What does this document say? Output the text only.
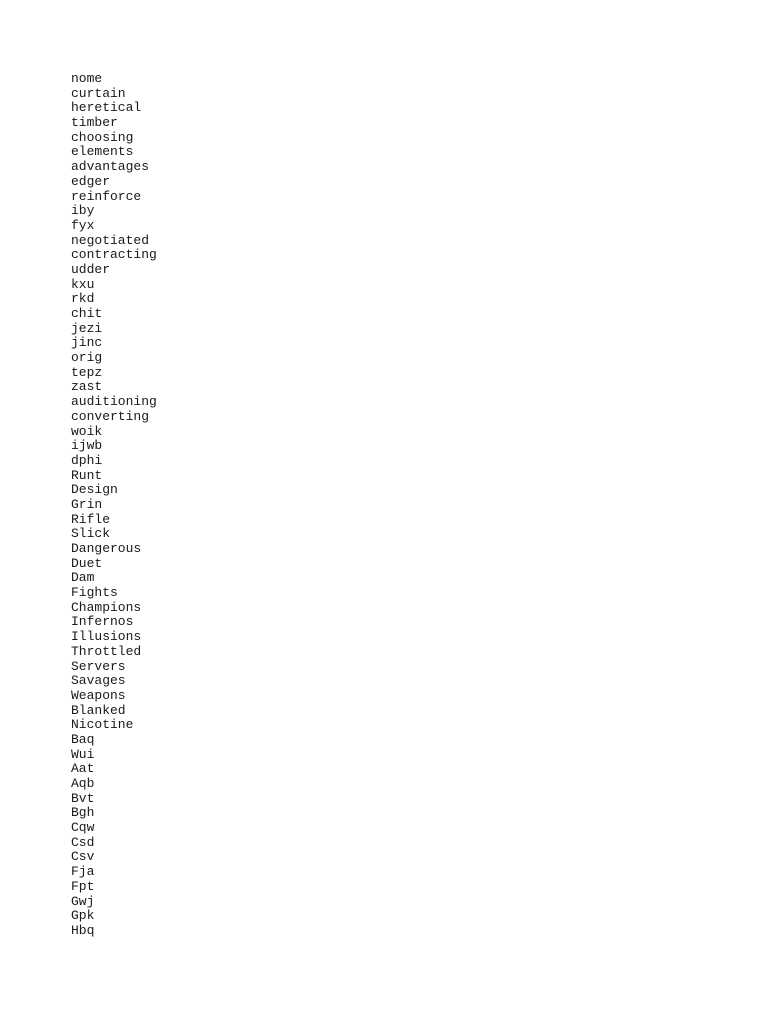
nome
curtain
heretical
timber
choosing
elements
advantages
edger
reinforce
iby
fyx
negotiated
contracting
udder
kxu
rkd
chit
jezi
jinc
orig
tepz
zast
auditioning
converting
woik
ijwb
dphi
Runt
Design
Grin
Rifle
Slick
Dangerous
Duet
Dam
Fights
Champions
Infernos
Illusions
Throttled
Servers
Savages
Weapons
Blanked
Nicotine
Baq
Wui
Aat
Aqb
Bvt
Bgh
Cqw
Csd
Csv
Fja
Fpt
Gwj
Gpk
Hbq
